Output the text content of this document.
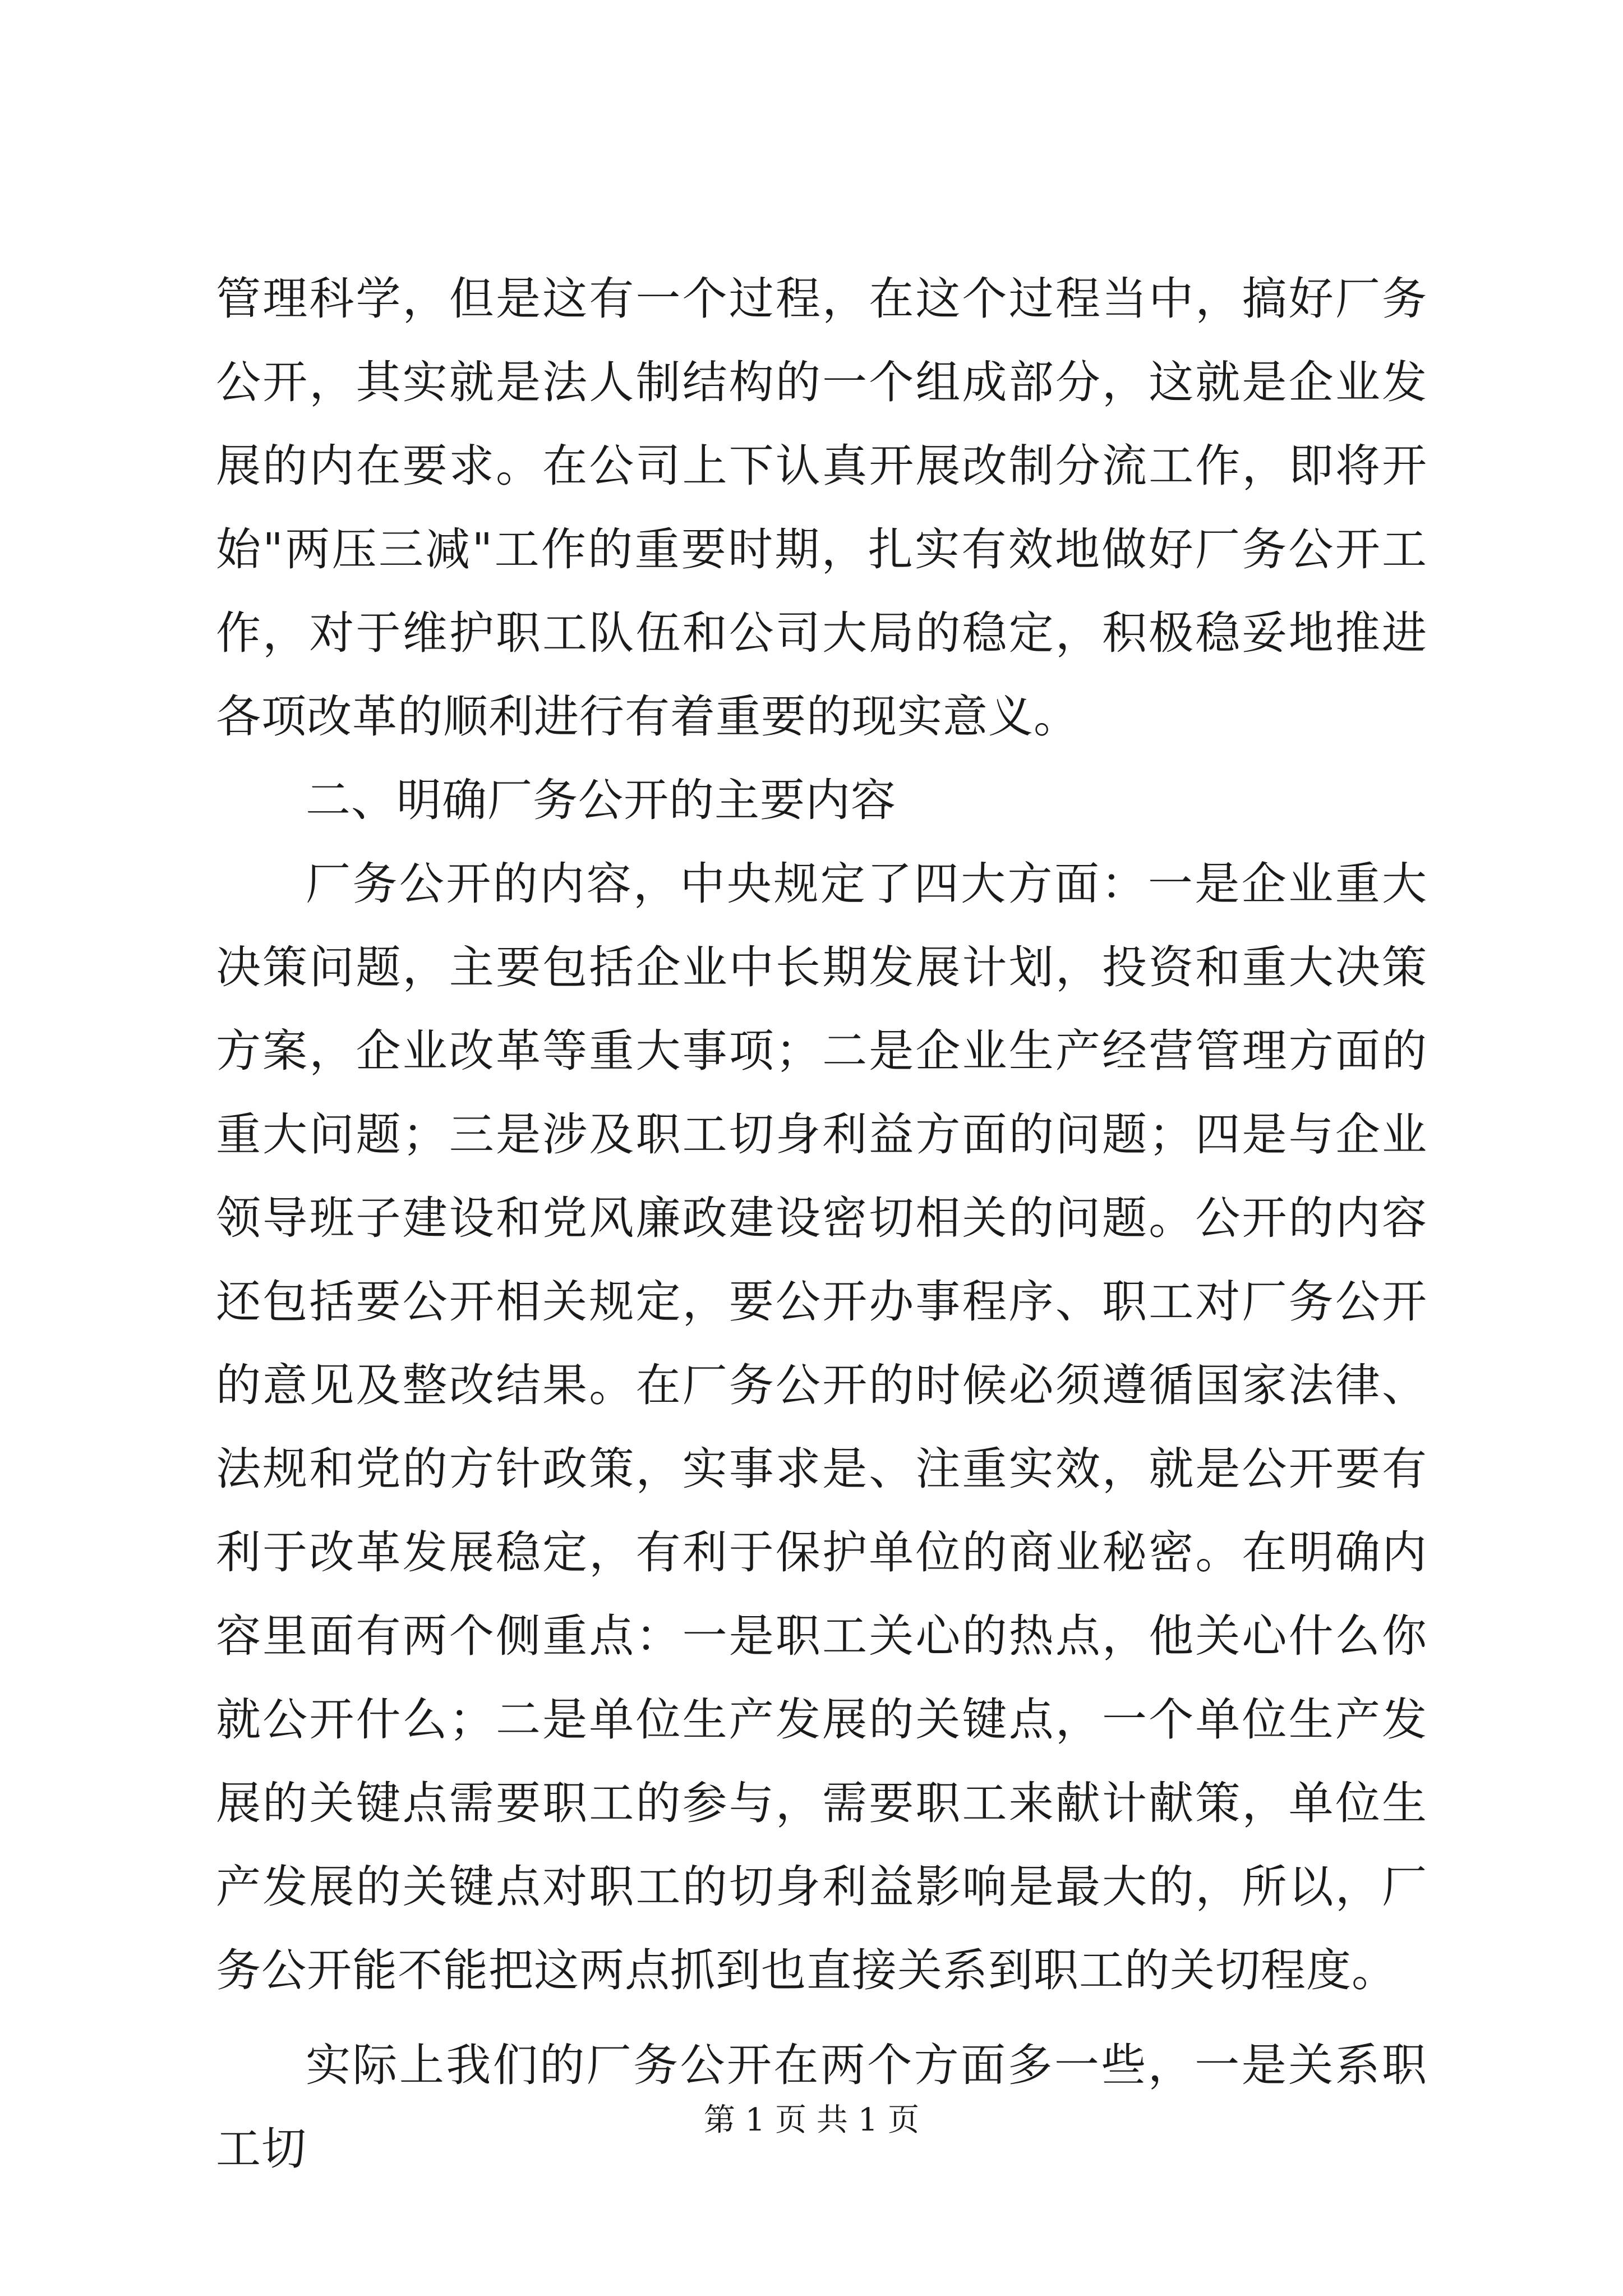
管理科学，但是这有一个过程，在这个过程当中，搞好厂务公开，其实就是法人制结构的一个组成部分，这就是企业发展的内在要求。在公司上下认真开展改制分流工作，即将开始"两压三减"工作的重要时期，扎实有效地做好厂务公开工作，对于维护职工队伍和公司大局的稳定，积极稳妥地推进各项改革的顺利进行有着重要的现实意义。

二、明确厂务公开的主要内容

厂务公开的内容，中央规定了四大方面：一是企业重大决策问题，主要包括企业中长期发展计划，投资和重大决策方案，企业改革等重大事项；二是企业生产经营管理方面的重大问题；三是涉及职工切身利益方面的问题；四是与企业领导班子建设和党风廉政建设密切相关的问题。公开的内容还包括要公开相关规定，要公开办事程序、职工对厂务公开的意见及整改结果。在厂务公开的时候必须遵循国家法律、法规和党的方针政策，实事求是、注重实效，就是公开要有利于改革发展稳定，有利于保护单位的商业秘密。在明确内容里面有两个侧重点：一是职工关心的热点，他关心什么你就公开什么；二是单位生产发展的关键点，一个单位生产发展的关键点需要职工的参与，需要职工来献计献策，单位生产发展的关键点对职工的切身利益影响是最大的，所以，厂务公开能不能把这两点抓到也直接关系到职工的关切程度。

实际上我们的厂务公开在两个方面多一些，一是关系职工切

第 1 页 共 1 页
